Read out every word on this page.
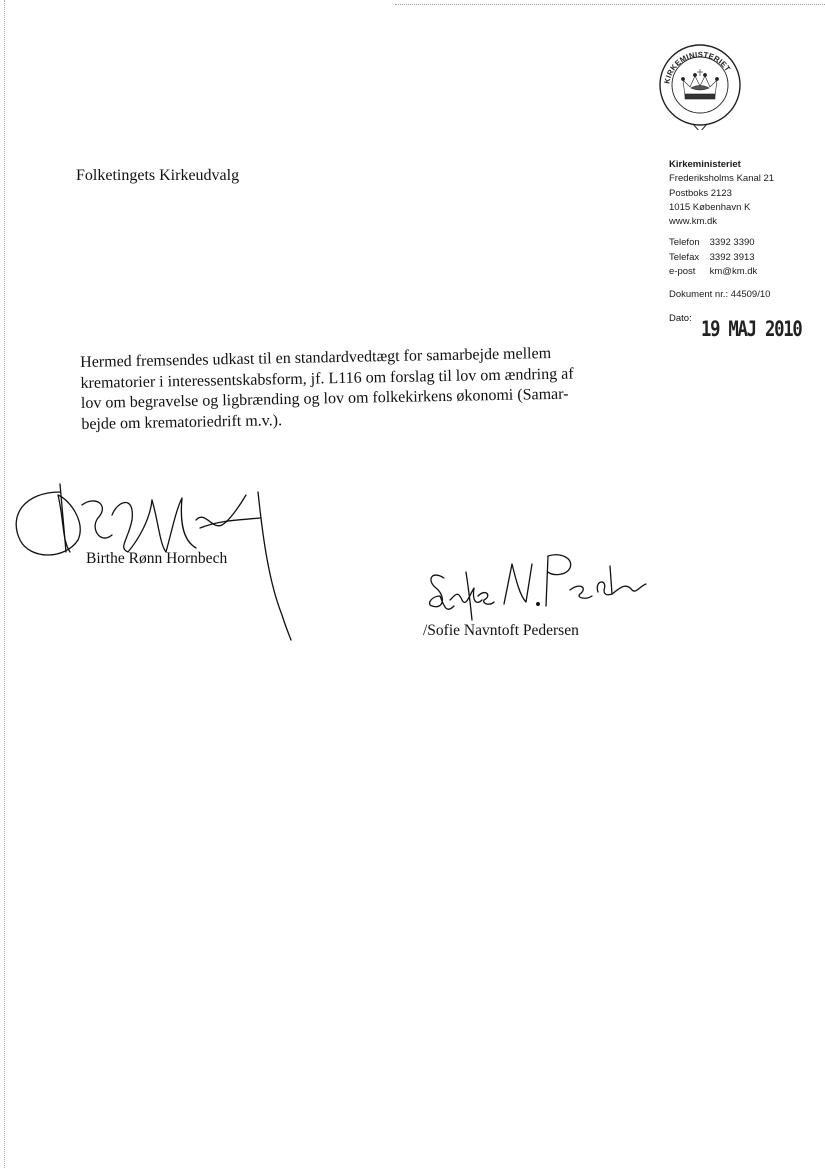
KIRKEMINISTERIET
Kirkeministeriet
Frederiksholms Kanal 21
Postboks 2123
1015 København K
www.km.dk
Telefon 3392 3390
Telefax 3392 3913
e-post km@km.dk
Dokument nr.: 44509/10
Dato: 19 MAJ 2010
Folketingets Kirkeudvalg

Hermed fremsendes udkast til en standardvedtægt for samarbejde mellem

krematorier i interessentskabsform, jf. L116 om forslag til lov om ændring af

lov om begravelse og ligbrænding og lov om folkekirkens økonomi (Samar-

bejde om krematoriedrift m.v.).

Birthe Rønn Hornbech
/Sofie Navntoft Pedersen
